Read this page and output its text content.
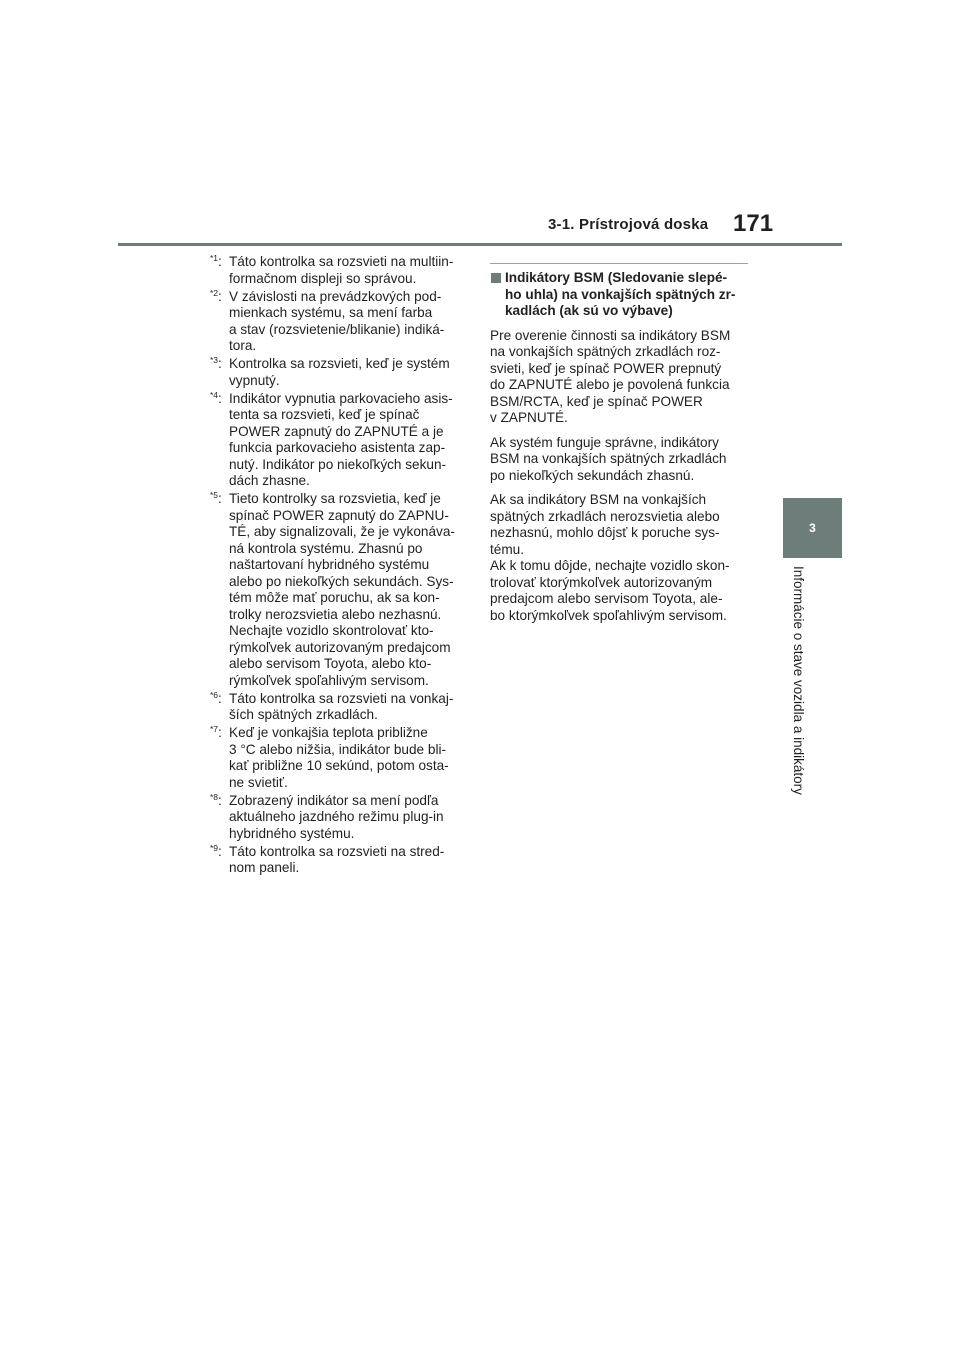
3-1. Prístrojová doska 171
3
Informácie o stave vozidla a indikátory
$^{*1}$: Táto kontrolka sa rozsvieti na multiin-
formačnom displeji so správou.
$^{*2}$: V závislosti na prevádzkových pod-
mienkach systému, sa mení farba
a stav (rozsvietenie/blikanie) indiká-
tora.
$^{*3}$: Kontrolka sa rozsvieti, keď je systém
vypnutý.
$^{*4}$: Indikátor vypnutia parkovacieho asis-
tenta sa rozsvieti, keď je spínač
POWER zapnutý do ZAPNUTÉ a je
funkcia parkovacieho asistenta zap-
nutý. Indikátor po niekoľkých sekun-
dách zhasne.
$^{*5}$: Tieto kontrolky sa rozsvietia, keď je
spínač POWER zapnutý do ZAPNU-
TÉ, aby signalizovali, že je vykonáva-
ná kontrola systému. Zhasnú po
naštartovaní hybridného systému
alebo po niekoľkých sekundách. Sys-
tém môže mať poruchu, ak sa kon-
trolky nerozsvietia alebo nezhasnú.
Nechajte vozidlo skontrolovať kto-
rýmkoľvek autorizovaným predajcom
alebo servisom Toyota, alebo kto-
rýmkoľvek spoľahlivým servisom.
$^{*6}$: Táto kontrolka sa rozsvieti na vonkaj-
ších spätných zrkadlách.
$^{*7}$: Keď je vonkajšia teplota približne
3 °C alebo nižšia, indikátor bude bli-
kať približne 10 sekúnd, potom osta-
ne svietiť.
$^{*8}$: Zobrazený indikátor sa mení podľa
aktuálneho jazdného režimu plug-in
hybridného systému.
$^{*9}$: Táto kontrolka sa rozsvieti na stred-
nom paneli.
Indikátory BSM (Sledovanie slepé-
ho uhla) na vonkajších spätných zr-
kadlách (ak sú vo výbave)
Pre overenie činnosti sa indikátory BSM
na vonkajších spätných zrkadlách roz-
svieti, keď je spínač POWER prepnutý
do ZAPNUTÉ alebo je povolená funkcia
BSM/RCTA, keď je spínač POWER
v ZAPNUTÉ.
Ak systém funguje správne, indikátory
BSM na vonkajších spätných zrkadlách
po niekoľkých sekundách zhasnú.
Ak sa indikátory BSM na vonkajších
spätných zrkadlách nerozsvietia alebo
nezhasnú, mohlo dôjsť k poruche sys-
tému.
Ak k tomu dôjde, nechajte vozidlo skon-
trolovať ktorýmkoľvek autorizovaným
predajcom alebo servisom Toyota, ale-
bo ktorýmkoľvek spoľahlivým servisom.
